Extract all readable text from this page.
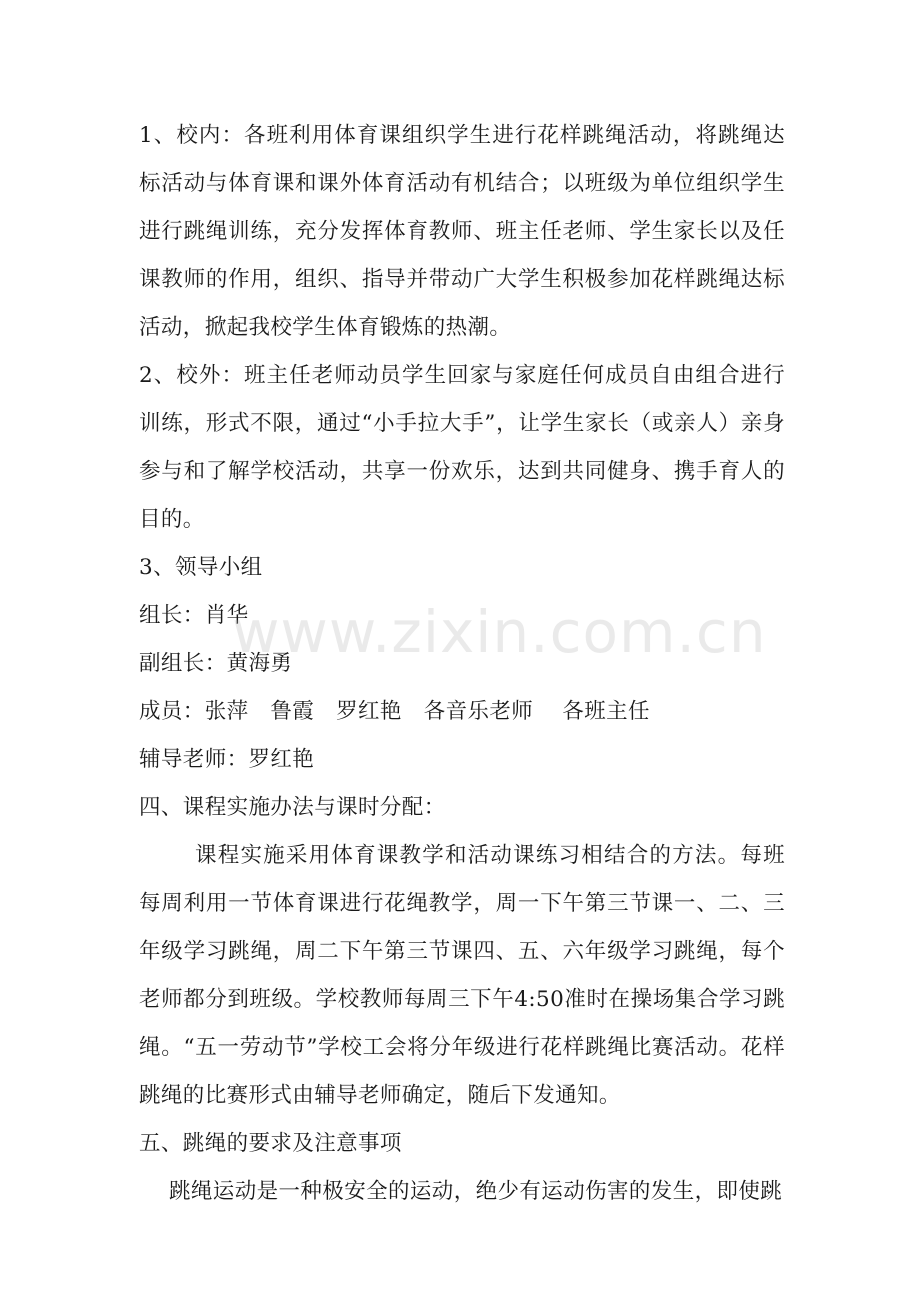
1、校内：各班利用体育课组织学生进行花样跳绳活动，将跳绳达标活动与体育课和课外体育活动有机结合；以班级为单位组织学生进行跳绳训练，充分发挥体育教师、班主任老师、学生家长以及任课教师的作用，组织、指导并带动广大学生积极参加花样跳绳达标活动，掀起我校学生体育锻炼的热潮。

2、校外：班主任老师动员学生回家与家庭任何成员自由组合进行训练，形式不限，通过“小手拉大手”，让学生家长（或亲人）亲身参与和了解学校活动，共享一份欢乐，达到共同健身、携手育人的目的。

3、领导小组

组长：肖华

副组长：黄海勇

成员：张萍　鲁霞　罗红艳　各音乐老师　 各班主任

辅导老师：罗红艳

四、课程实施办法与课时分配：

课程实施采用体育课教学和活动课练习相结合的方法。每班每周利用一节体育课进行花绳教学，周一下午第三节课一、二、三年级学习跳绳，周二下午第三节课四、五、六年级学习跳绳，每个老师都分到班级。学校教师每周三下午4:50准时在操场集合学习跳绳。“五一劳动节”学校工会将分年级进行花样跳绳比赛活动。花样跳绳的比赛形式由辅导老师确定，随后下发通知。

五、跳绳的要求及注意事项

跳绳运动是一种极安全的运动，绝少有运动伤害的发生，即使跳

www.zixin.com.cn
